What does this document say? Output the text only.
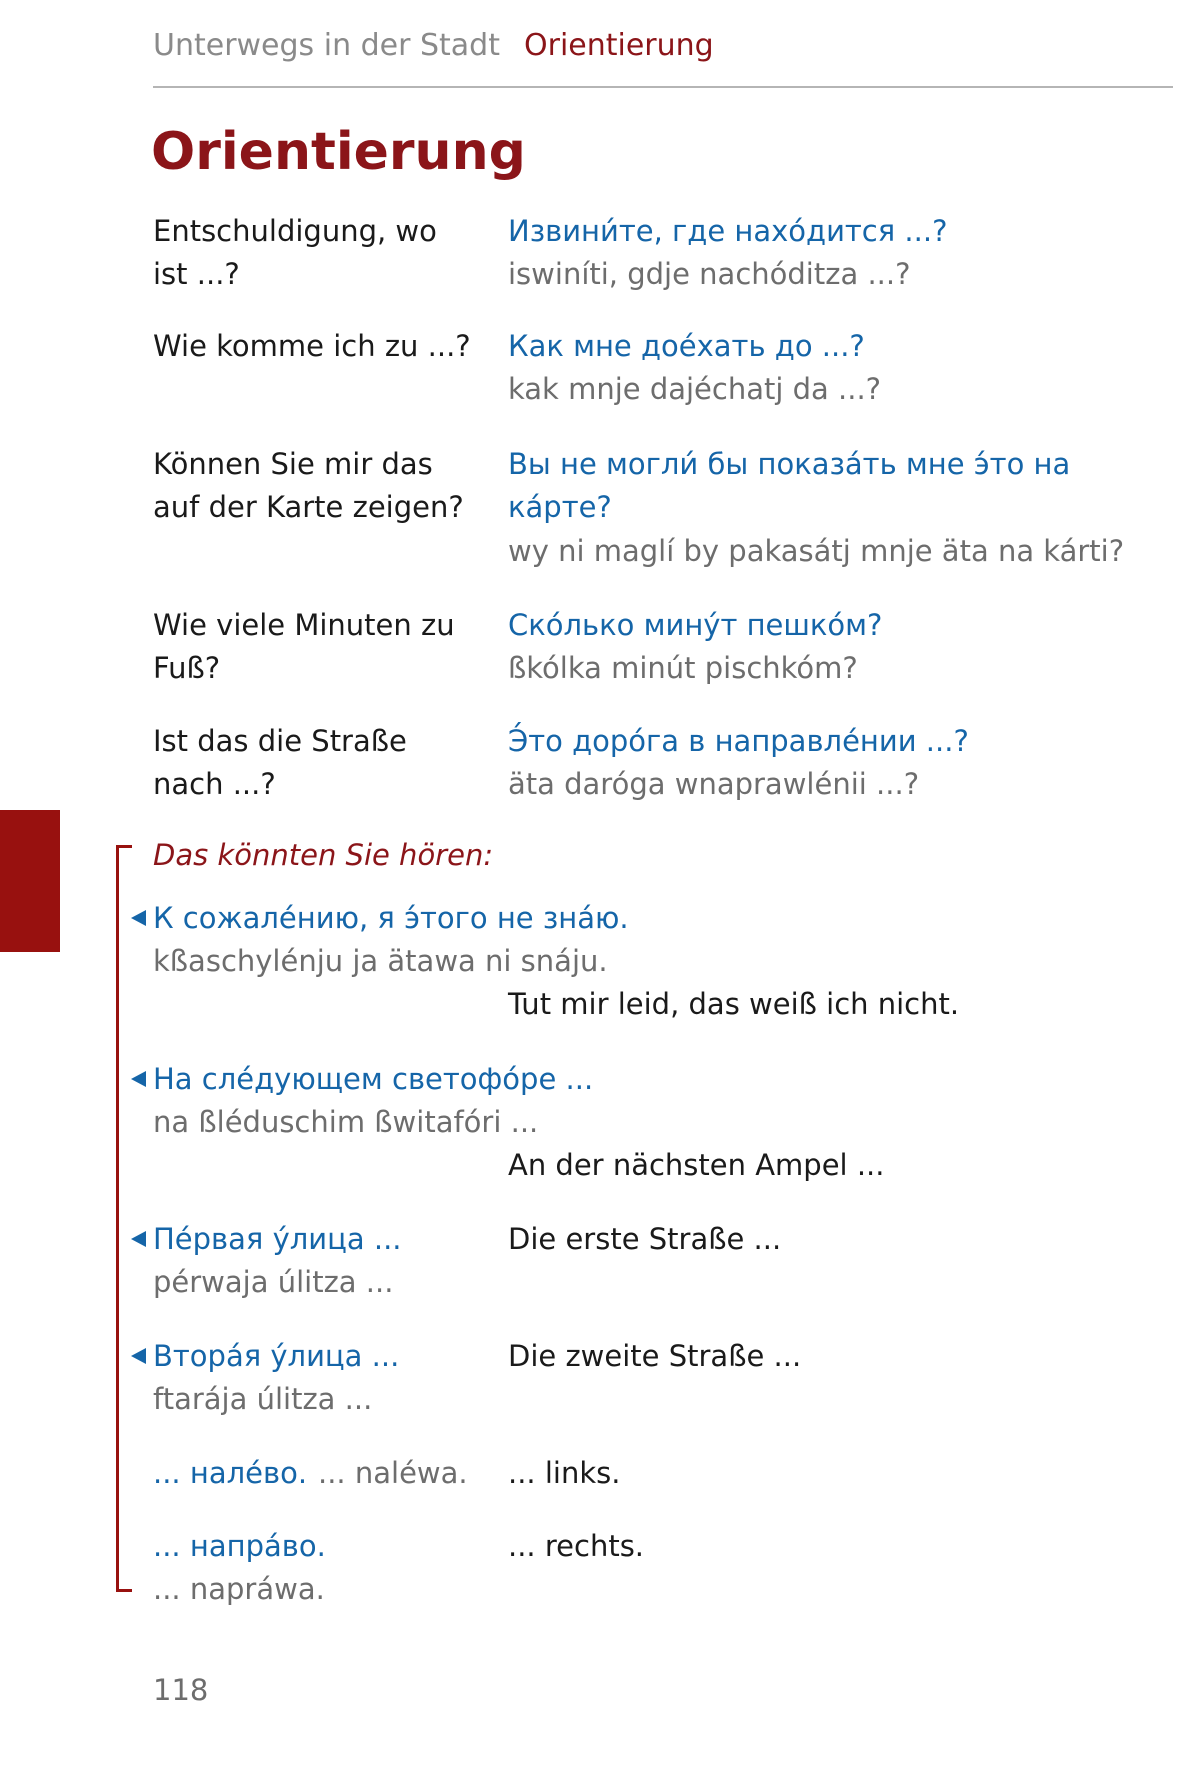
Unterwegs in der Stadt Orientierung
Orientierung
Entschuldigung, wo ist ...?
Извини́те, где нахо́дится ...?
iswiníti, gdje nachóditza ...?
Wie komme ich zu ...?	Как мне дое́хать до ...?
kak mnje dajéchatj da ...?
Können Sie mir das auf der Karte zeigen?
Вы не могли́ бы показа́ть мне э́то на ка́рте?
wy ni maglí by pakasátj mnje äta na kárti?
Wie viele Minuten zu Fuß?
Ско́лько мину́т пешко́м?
ßkólka minút pischkóm?
Ist das die Straße nach ...?
Э́то доро́га в направле́нии ...?
äta daróga wnaprawlénii ...?
Das könnten Sie hören:
К сожале́нию, я э́того не зна́ю.
kßaschylénju ja ätawa ni snáju.
Tut mir leid, das weiß ich nicht.
На сле́дующем светофо́ре ...
na ßléduschim ßwitafóri ...
An der nächsten Ampel ...
Пе́рвая у́лица ...
pérwaja úlitza ...
Die erste Straße ...
Втора́я у́лица ...
ftarája úlitza ...
Die zweite Straße ...
... нале́во. ... naléwa. ... links.
... напра́во.
... napráwa.
... rechts.
118
